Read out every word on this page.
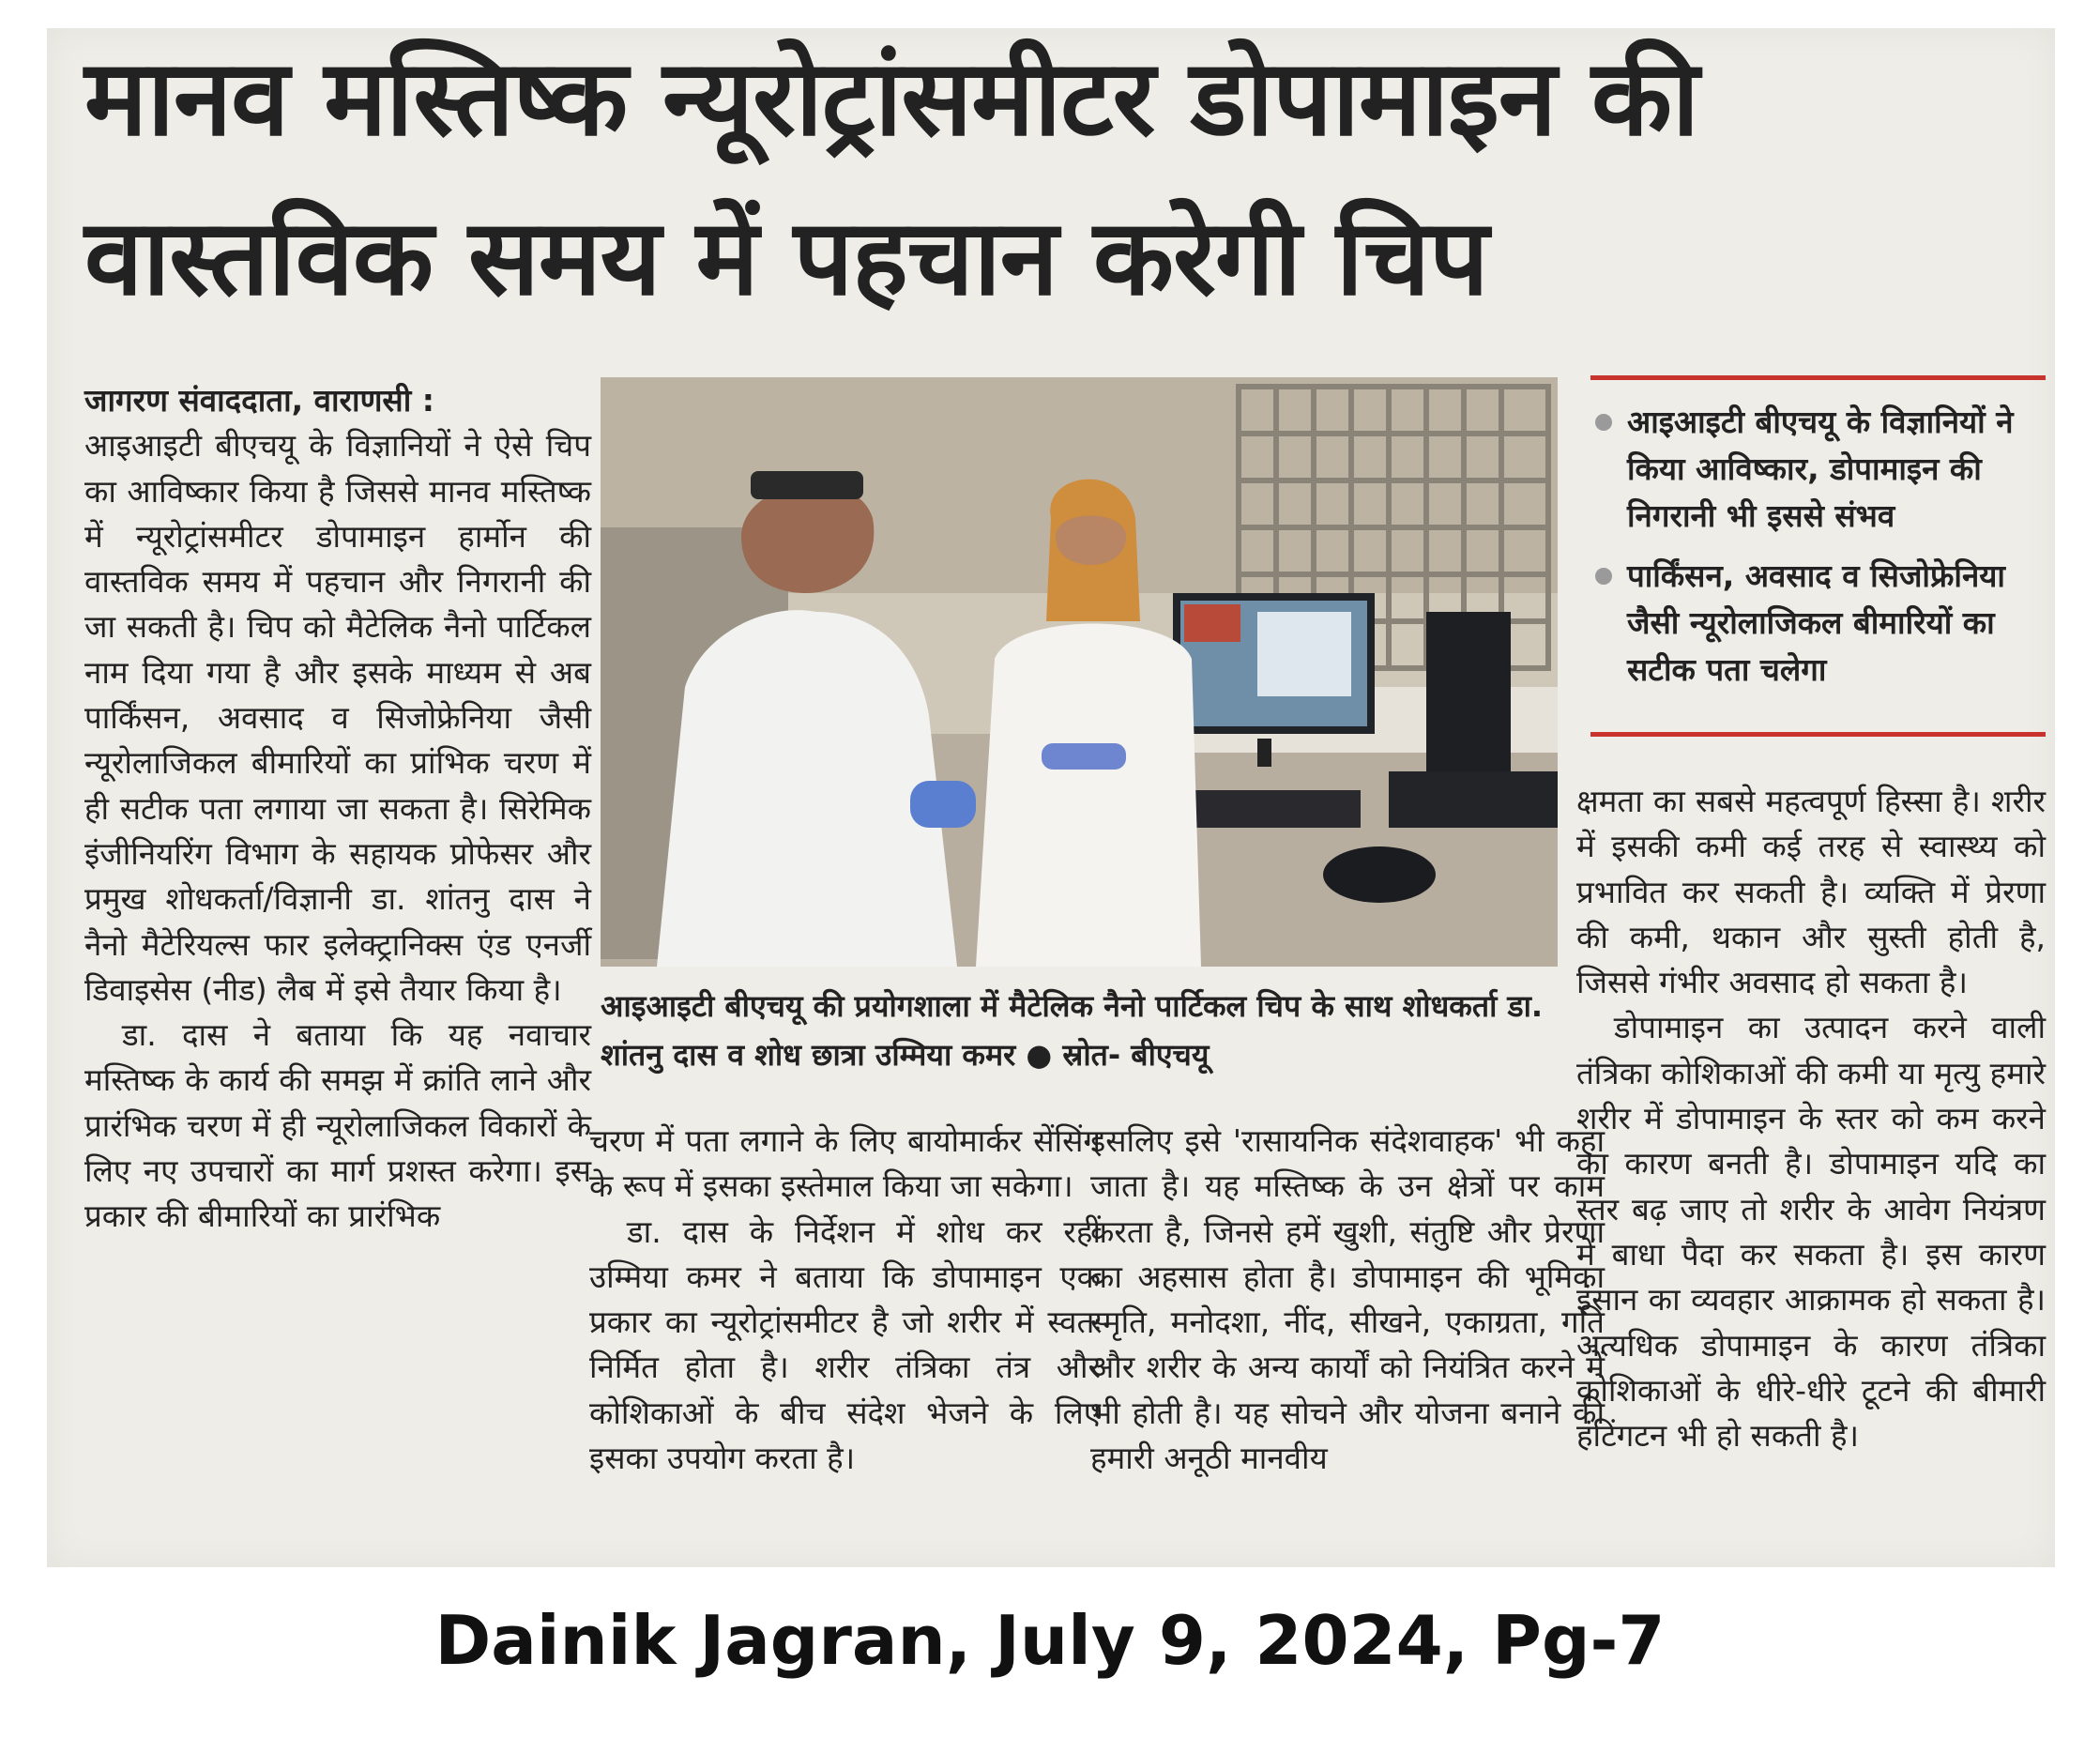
मानव मस्तिष्क न्यूरोट्रांसमीटर डोपामाइन की
वास्तविक समय में पहचान करेगी चिप

जागरण संवाददाता, वाराणसी :

आइआइटी बीएचयू के विज्ञानियों ने ऐसे चिप का आविष्कार किया है जिससे मानव मस्तिष्क में न्यूरोट्रांसमीटर डोपामाइन हार्मोन की वास्तविक समय में पहचान और निगरानी की जा सकती है। चिप को मैटेलिक नैनो पार्टिकल नाम दिया गया है और इसके माध्यम से अब पार्किंसन, अवसाद व सिजोफ्रेनिया जैसी न्यूरोलाजिकल बीमारियों का प्रांभिक चरण में ही सटीक पता लगाया जा सकता है। सिरेमिक इंजीनियरिंग विभाग के सहायक प्रोफेसर और प्रमुख शोधकर्ता/विज्ञानी डा. शांतनु दास ने नैनो मैटेरियल्स फार इलेक्ट्रानिक्स एंड एनर्जी डिवाइसेस (नीड) लैब में इसे तैयार किया है।

डा. दास ने बताया कि यह नवाचार मस्तिष्क के कार्य की समझ में क्रांति लाने और प्रारंभिक चरण में ही न्यूरोलाजिकल विकारों के लिए नए उपचारों का मार्ग प्रशस्त करेगा। इस प्रकार की बीमारियों का प्रारंभिक

आइआइटी बीएचयू की प्रयोगशाला में मैटेलिक नैनो पार्टिकल चिप के साथ शोधकर्ता डा. शांतनु दास व शोध छात्रा उम्मिया कमर ● स्रोत- बीएचयू
आइआइटी बीएचयू के विज्ञानियों ने किया आविष्कार, डोपामाइन की निगरानी भी इससे संभव
पार्किंसन, अवसाद व सिजोफ्रेनिया जैसी न्यूरोलाजिकल बीमारियों का सटीक पता चलेगा

चरण में पता लगाने के लिए बायोमार्कर सेंसिंग के रूप में इसका इस्तेमाल किया जा सकेगा।

डा. दास के निर्देशन में शोध कर रहीं उम्मिया कमर ने बताया कि डोपामाइन एक प्रकार का न्यूरोट्रांसमीटर है जो शरीर में स्वतः निर्मित होता है। शरीर तंत्रिका तंत्र और कोशिकाओं के बीच संदेश भेजने के लिए इसका उपयोग करता है।

इसलिए इसे 'रासायनिक संदेशवाहक' भी कहा जाता है। यह मस्तिष्क के उन क्षेत्रों पर काम करता है, जिनसे हमें खुशी, संतुष्टि और प्रेरणा का अहसास होता है। डोपामाइन की भूमिका स्मृति, मनोदशा, नींद, सीखने, एकाग्रता, गति और शरीर के अन्य कार्यों को नियंत्रित करने में भी होती है। यह सोचने और योजना बनाने की हमारी अनूठी मानवीय

क्षमता का सबसे महत्वपूर्ण हिस्सा है। शरीर में इसकी कमी कई तरह से स्वास्थ्य को प्रभावित कर सकती है। व्यक्ति में प्रेरणा की कमी, थकान और सुस्ती होती है, जिससे गंभीर अवसाद हो सकता है।

डोपामाइन का उत्पादन करने वाली तंत्रिका कोशिकाओं की कमी या मृत्यु हमारे शरीर में डोपामाइन के स्तर को कम करने का कारण बनती है। डोपामाइन यदि का स्तर बढ़ जाए तो शरीर के आवेग नियंत्रण में बाधा पैदा कर सकता है। इस कारण इंसान का व्यवहार आक्रामक हो सकता है। अत्यधिक डोपामाइन के कारण तंत्रिका कोशिकाओं के धीरे-धीरे टूटने की बीमारी हंटिंगटन भी हो सकती है।

Dainik Jagran, July 9, 2024, Pg-7
